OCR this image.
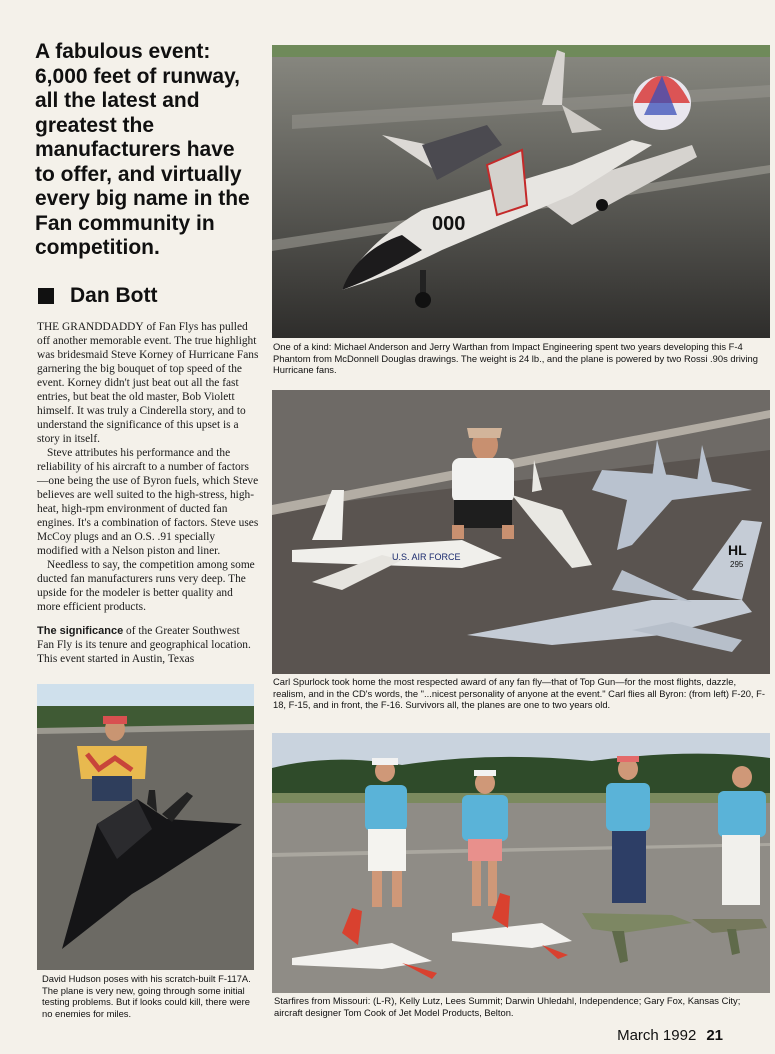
A fabulous event: 6,000 feet of runway, all the latest and greatest the manufacturers have to offer, and virtually every big name in the Fan community in competition.
Dan Bott

THE GRANDDADDY of Fan Flys has pulled off another memorable event. The true highlight was bridesmaid Steve Korney of Hurricane Fans garnering the big bouquet of top speed of the event. Korney didn't just beat out all the fast entries, but beat the old master, Bob Violett himself. It was truly a Cinderella story, and to understand the significance of this upset is a story in itself.

Steve attributes his performance and the reliability of his aircraft to a number of factors—one being the use of Byron fuels, which Steve believes are well suited to the high-stress, high-heat, high-rpm environment of ducted fan engines. It's a combination of factors. Steve uses McCoy plugs and an O.S. .91 specially modified with a Nelson piston and liner.

Needless to say, the competition among some ducted fan manufacturers runs very deep. The upside for the modeler is better quality and more efficient products.

The significance of the Greater Southwest Fan Fly is its tenure and geographical location. This event started in Austin, Texas

000

One of a kind: Michael Anderson and Jerry Warthan from Impact Engineering spent two years developing this F-4 Phantom from McDonnell Douglas drawings. The weight is 24 lb., and the plane is powered by two Rossi .90s driving Hurricane fans.

U.S. AIR FORCE	HL
295

Carl Spurlock took home the most respected award of any fan fly—that of Top Gun—for the most flights, dazzle, realism, and in the CD's words, the "...nicest personality of anyone at the event." Carl flies all Byron: (from left) F-20, F-18, F-15, and in front, the F-16. Survivors all, the planes are one to two years old.

David Hudson poses with his scratch-built F-117A. The plane is very new, going through some initial testing problems. But if looks could kill, there were no enemies for miles.

Starfires from Missouri: (L-R), Kelly Lutz, Lees Summit; Darwin Uhledahl, Independence; Gary Fox, Kansas City; aircraft designer Tom Cook of Jet Model Products, Belton.

March 1992 21
